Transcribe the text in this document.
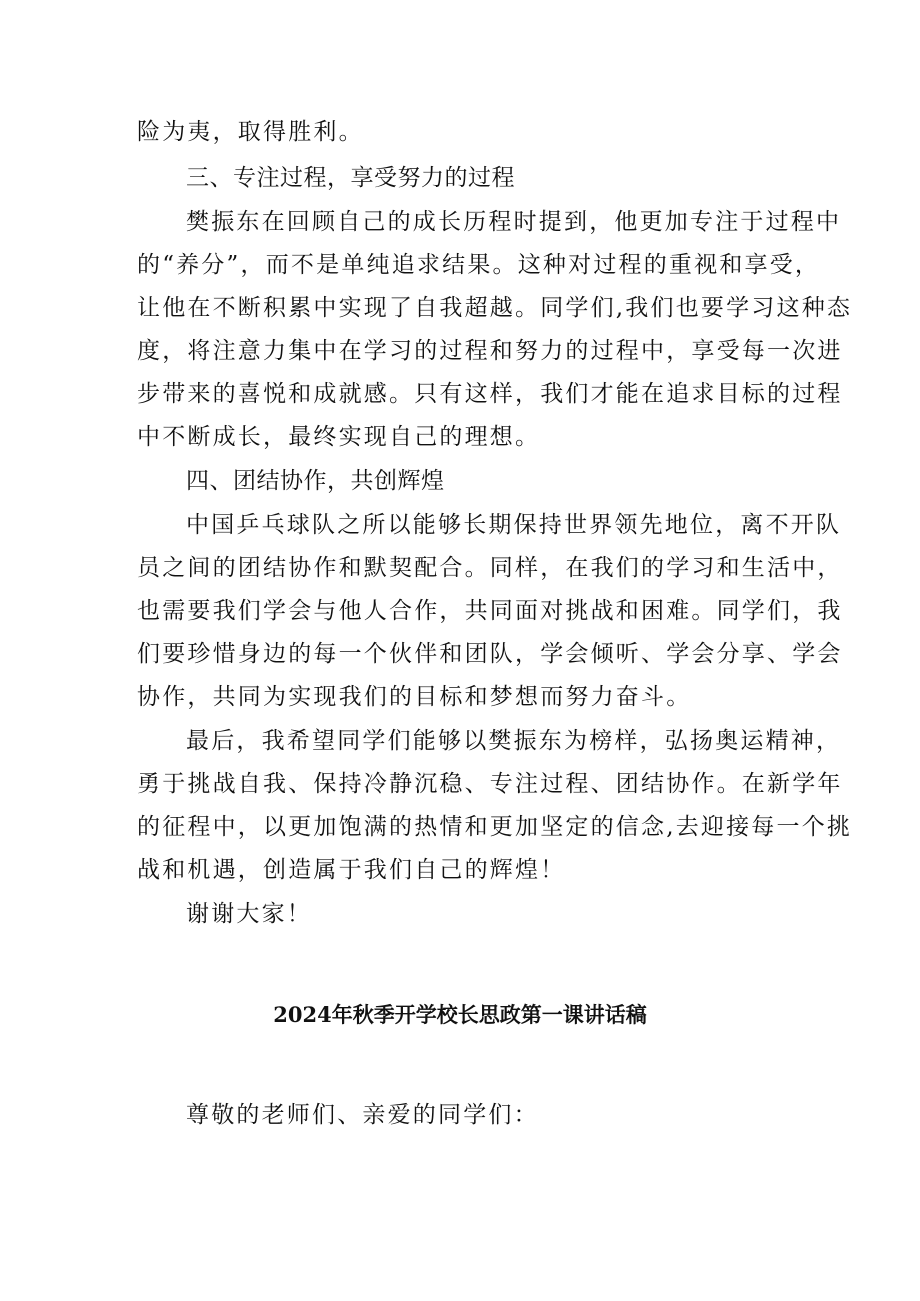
险为夷，取得胜利。
三、专注过程，享受努力的过程
樊振东在回顾自己的成长历程时提到，他更加专注于过程中
的“养分”，而不是单纯追求结果。这种对过程的重视和享受，
让他在不断积累中实现了自我超越。同学们,我们也要学习这种态
度，将注意力集中在学习的过程和努力的过程中，享受每一次进
步带来的喜悦和成就感。只有这样，我们才能在追求目标的过程
中不断成长，最终实现自己的理想。
四、团结协作，共创辉煌
中国乒乓球队之所以能够长期保持世界领先地位，离不开队
员之间的团结协作和默契配合。同样，在我们的学习和生活中，
也需要我们学会与他人合作，共同面对挑战和困难。同学们，我
们要珍惜身边的每一个伙伴和团队，学会倾听、学会分享、学会
协作，共同为实现我们的目标和梦想而努力奋斗。
最后，我希望同学们能够以樊振东为榜样，弘扬奥运精神，
勇于挑战自我、保持冷静沉稳、专注过程、团结协作。在新学年
的征程中，以更加饱满的热情和更加坚定的信念,去迎接每一个挑
战和机遇，创造属于我们自己的辉煌！
谢谢大家！
2024年秋季开学校长思政第一课讲话稿
尊敬的老师们、亲爱的同学们：
